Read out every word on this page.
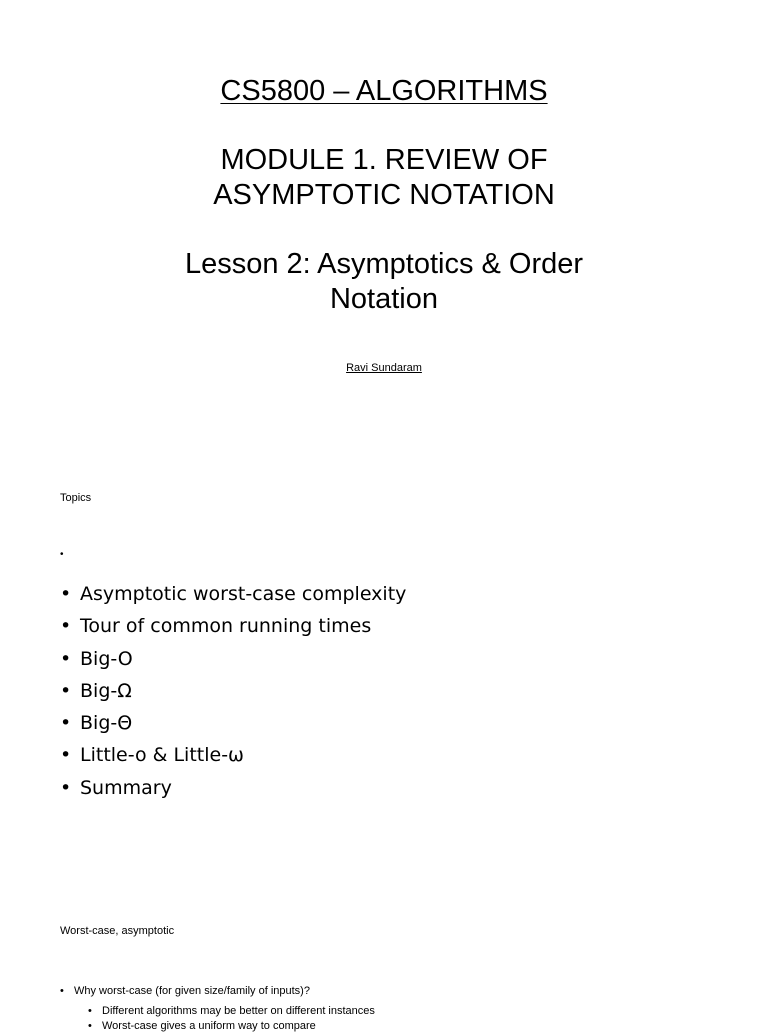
CS5800 – ALGORITHMS
MODULE 1. REVIEW OF
ASYMPTOTIC NOTATION
Lesson 2: Asymptotics & Order
Notation
Ravi Sundaram
Topics
•
• Asymptotic worst-case complexity
• Tour of common running times
• Big-O
• Big-Ω
• Big-Θ
• Little-o & Little-ω
• Summary
Worst-case, asymptotic
• Why worst-case (for given size/family of inputs)?
• Different algorithms may be better on different instances
• Worst-case gives a uniform way to compare
